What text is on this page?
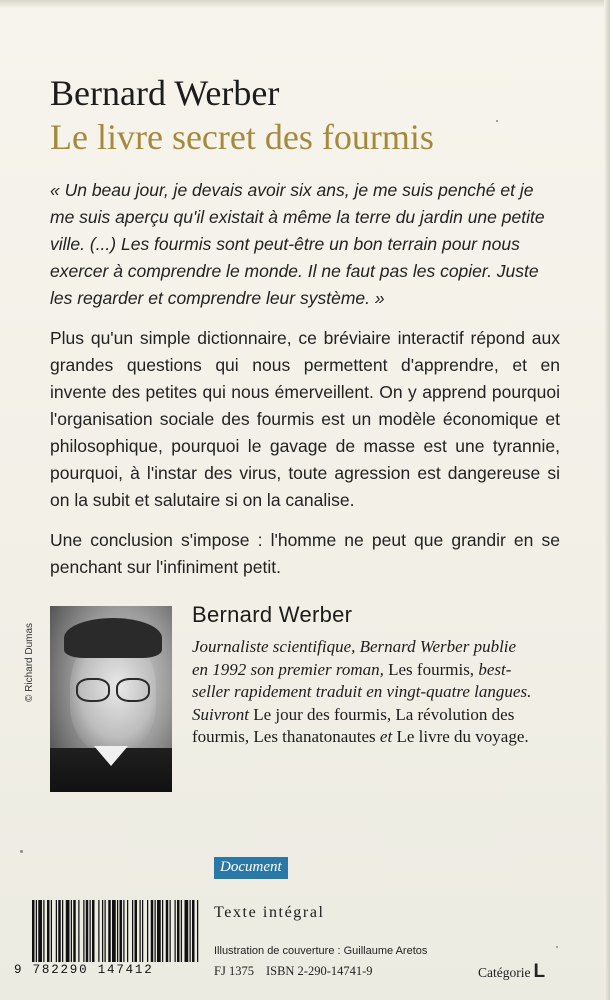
Bernard Werber
Le livre secret des fourmis

« Un beau jour, je devais avoir six ans, je me suis penché et je me suis aperçu qu'il existait à même la terre du jardin une petite ville. (...) Les fourmis sont peut-être un bon terrain pour nous exercer à comprendre le monde. Il ne faut pas les copier. Juste les regarder et comprendre leur système. »

Plus qu'un simple dictionnaire, ce bréviaire interactif répond aux grandes questions qui nous permettent d'apprendre, et en invente des petites qui nous émerveillent. On y apprend pourquoi l'organisation sociale des fourmis est un modèle économique et philosophique, pourquoi le gavage de masse est une tyrannie, pourquoi, à l'instar des virus, toute agression est dangereuse si on la subit et salutaire si on la canalise.

Une conclusion s'impose : l'homme ne peut que grandir en se penchant sur l'infiniment petit.

© Richard Dumas
Bernard Werber

Journaliste scientifique, Bernard Werber publie en 1992 son premier roman, Les fourmis, best-seller rapidement traduit en vingt-quatre langues. Suivront Le jour des fourmis, La révolution des fourmis, Les thanatonautes et Le livre du voyage.

Document
Texte intégral
Illustration de couverture : Guillaume Aretos
FJ 1375 ISBN 2-290-14741-9	Catégorie L
9 782290 147412
